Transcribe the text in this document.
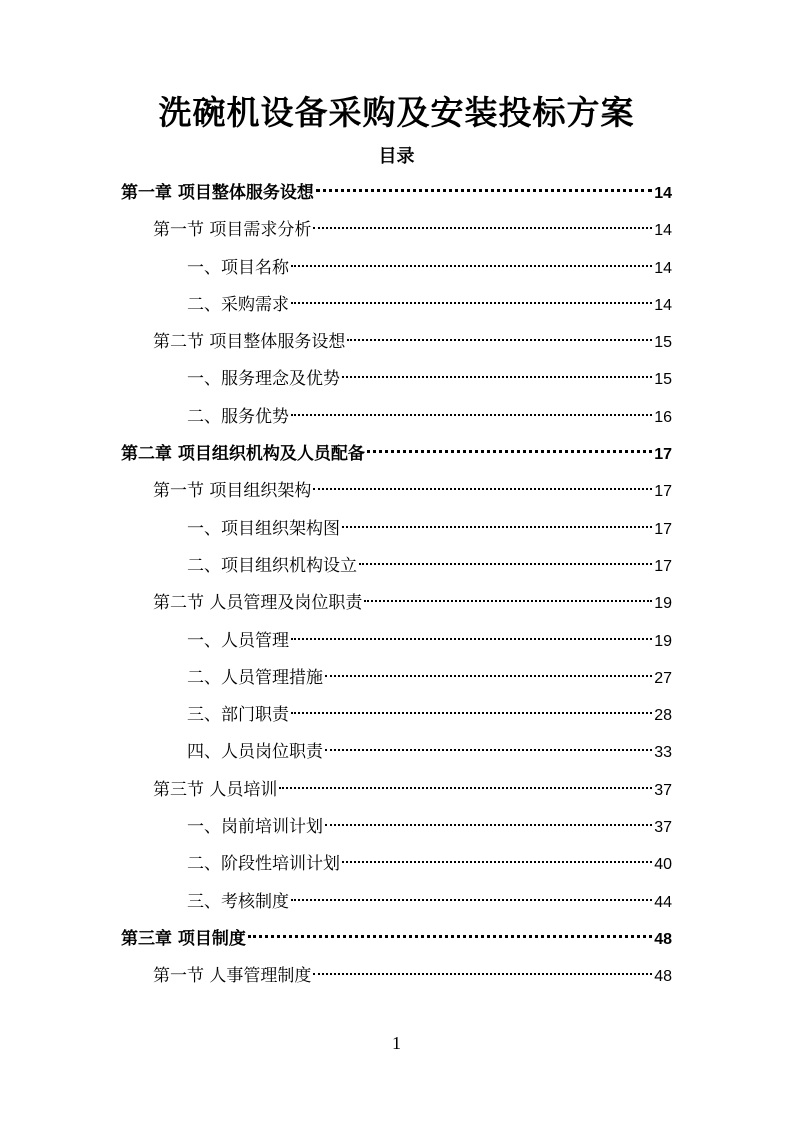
洗碗机设备采购及安装投标方案
目录
第一章 项目整体服务设想	14
第一节 项目需求分析	14
一、项目名称	14
二、采购需求	14
第二节 项目整体服务设想	15
一、服务理念及优势	15
二、服务优势	16
第二章 项目组织机构及人员配备	17
第一节 项目组织架构	17
一、项目组织架构图	17
二、项目组织机构设立	17
第二节 人员管理及岗位职责	19
一、人员管理	19
二、人员管理措施	27
三、部门职责	28
四、人员岗位职责	33
第三节 人员培训	37
一、岗前培训计划	37
二、阶段性培训计划	40
三、考核制度	44
第三章 项目制度	48
第一节 人事管理制度	48
1
